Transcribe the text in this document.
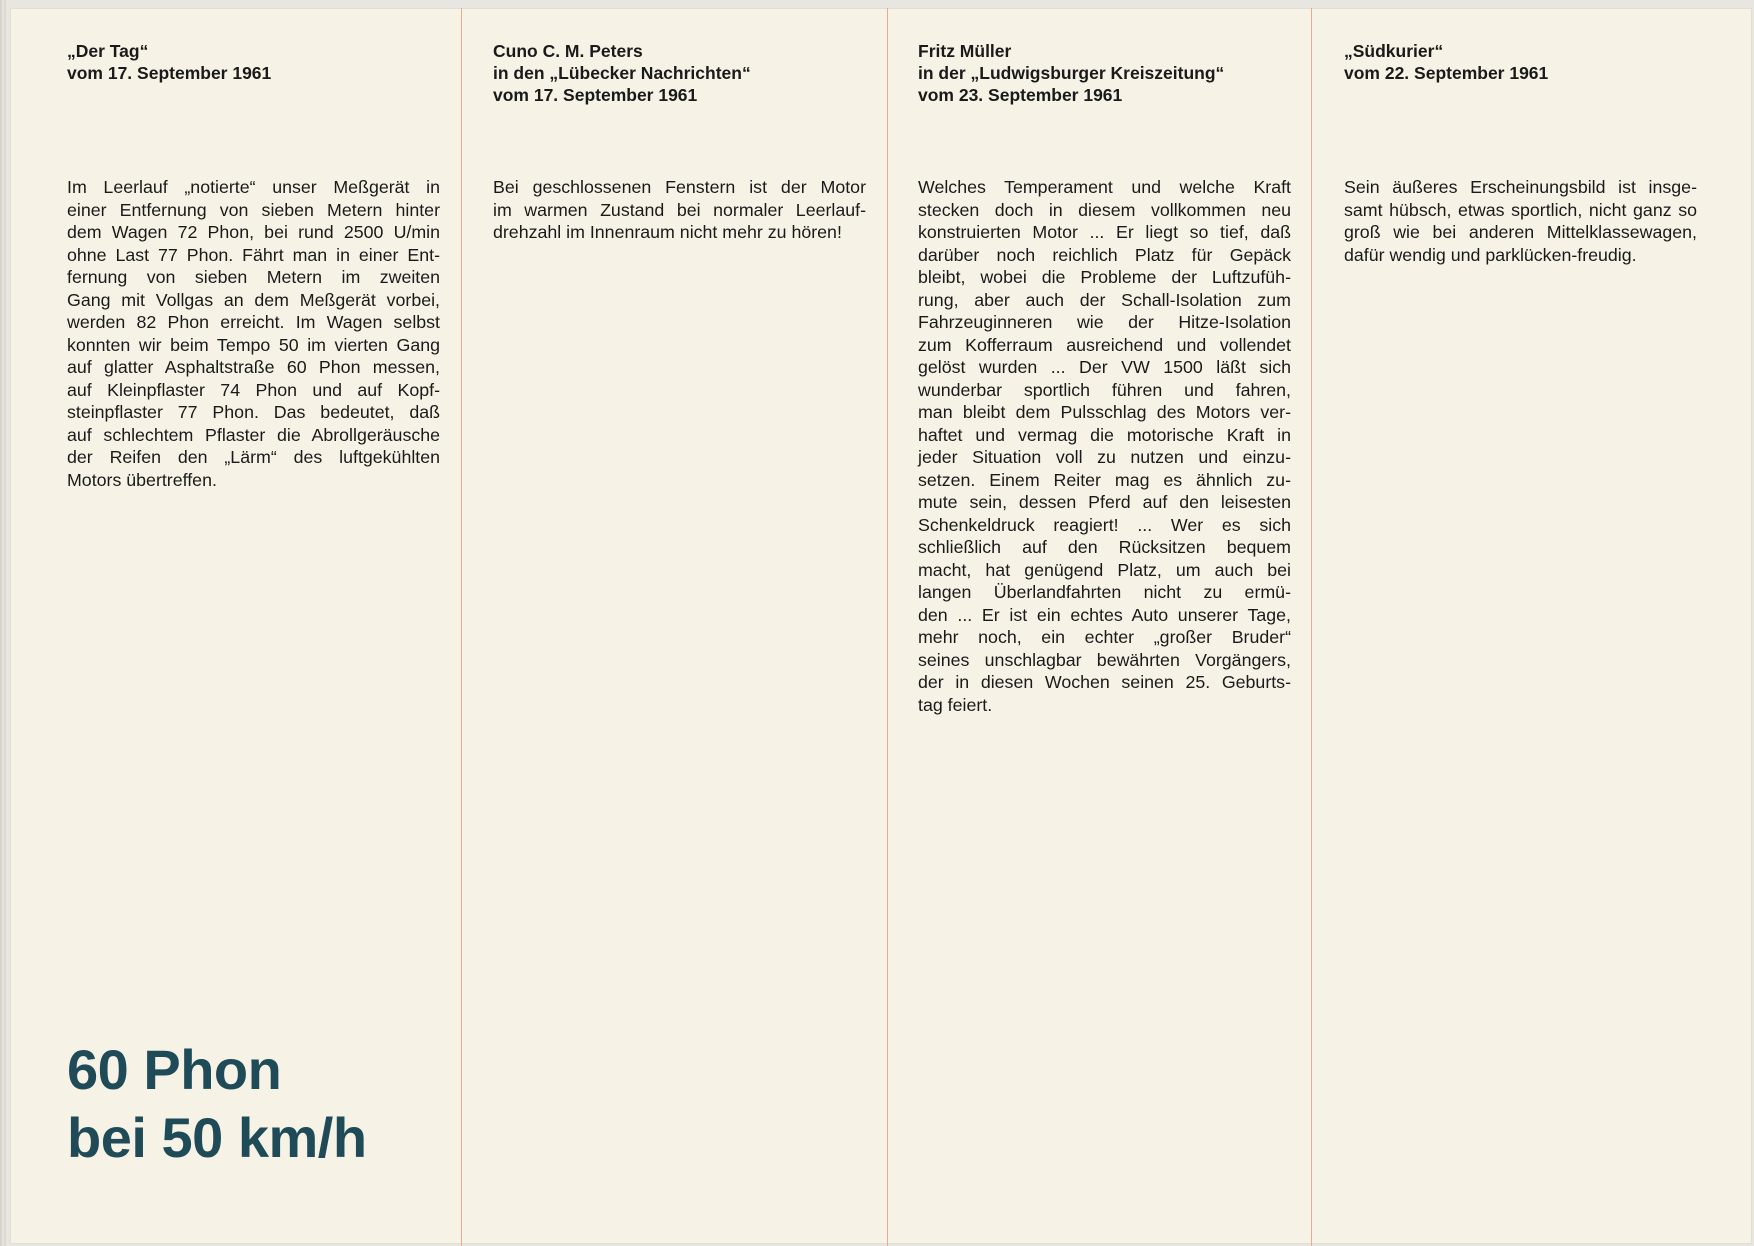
„Der Tag“
vom 17. September 1961
Im Leerlauf „notierte“ unser Meßgerät in
einer Entfernung von sieben Metern hinter
dem Wagen 72 Phon, bei rund 2500 U/min
ohne Last 77 Phon. Fährt man in einer Ent-
fernung von sieben Metern im zweiten
Gang mit Vollgas an dem Meßgerät vorbei,
werden 82 Phon erreicht. Im Wagen selbst
konnten wir beim Tempo 50 im vierten Gang
auf glatter Asphaltstraße 60 Phon messen,
auf Kleinpflaster 74 Phon und auf Kopf-
steinpflaster 77 Phon. Das bedeutet, daß
auf schlechtem Pflaster die Abrollgeräusche
der Reifen den „Lärm“ des luftgekühlten
Motors übertreffen.
Cuno C. M. Peters
in den „Lübecker Nachrichten“
vom 17. September 1961
Bei geschlossenen Fenstern ist der Motor
im warmen Zustand bei normaler Leerlauf-
drehzahl im Innenraum nicht mehr zu hören!
Fritz Müller
in der „Ludwigsburger Kreiszeitung“
vom 23. September 1961
Welches Temperament und welche Kraft
stecken doch in diesem vollkommen neu
konstruierten Motor ... Er liegt so tief, daß
darüber noch reichlich Platz für Gepäck
bleibt, wobei die Probleme der Luftzufüh-
rung, aber auch der Schall-Isolation zum
Fahrzeuginneren wie der Hitze-Isolation
zum Kofferraum ausreichend und vollendet
gelöst wurden ... Der VW 1500 läßt sich
wunderbar sportlich führen und fahren,
man bleibt dem Pulsschlag des Motors ver-
haftet und vermag die motorische Kraft in
jeder Situation voll zu nutzen und einzu-
setzen. Einem Reiter mag es ähnlich zu-
mute sein, dessen Pferd auf den leisesten
Schenkeldruck reagiert! ... Wer es sich
schließlich auf den Rücksitzen bequem
macht, hat genügend Platz, um auch bei
langen Überlandfahrten nicht zu ermü-
den ... Er ist ein echtes Auto unserer Tage,
mehr noch, ein echter „großer Bruder“
seines unschlagbar bewährten Vorgängers,
der in diesen Wochen seinen 25. Geburts-
tag feiert.
„Südkurier“
vom 22. September 1961
Sein äußeres Erscheinungsbild ist insge-
samt hübsch, etwas sportlich, nicht ganz so
groß wie bei anderen Mittelklassewagen,
dafür wendig und parklücken-freudig.
60 Phon
bei 50 km/h
